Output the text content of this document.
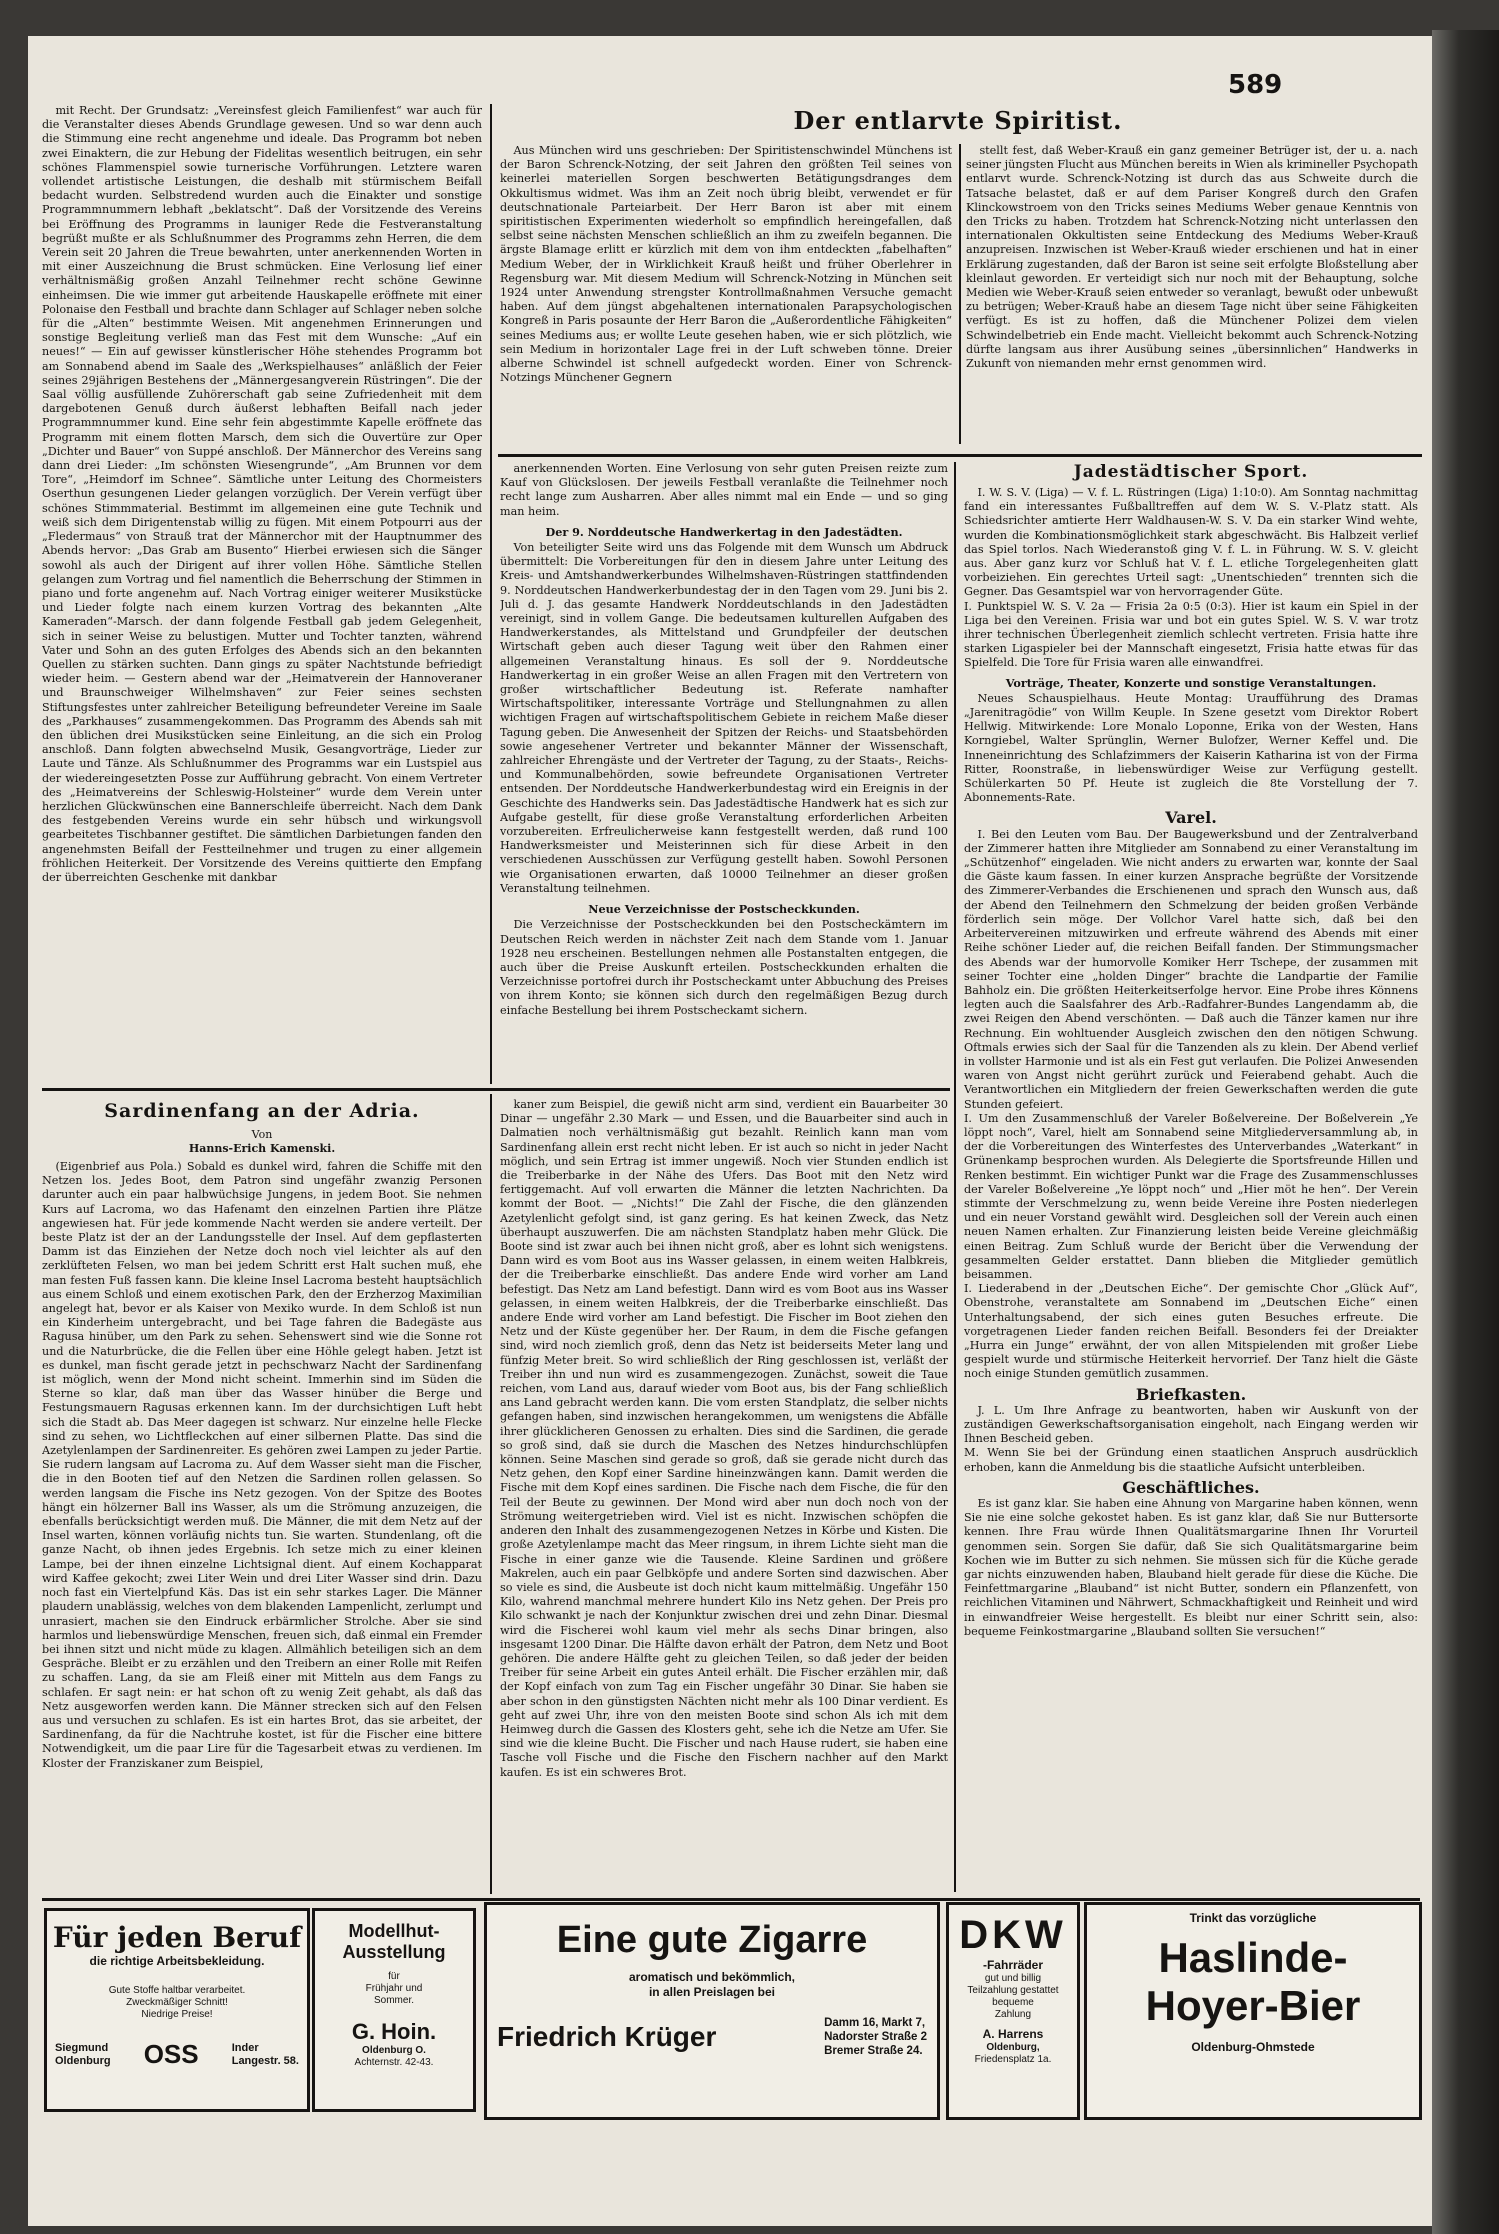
589

mit Recht. Der Grundsatz: „Vereinsfest gleich Familienfest“ war auch für die Veranstalter dieses Abends Grundlage gewesen. Und so war denn auch die Stimmung eine recht angenehme und ideale. Das Programm bot neben zwei Einaktern, die zur Hebung der Fidelitas wesentlich beitrugen, ein sehr schönes Flammenspiel sowie turnerische Vorführungen. Letztere waren vollendet artistische Leistungen, die deshalb mit stürmischem Beifall bedacht wurden. Selbstredend wurden auch die Einakter und sonstige Programmnummern lebhaft „beklatscht“. Daß der Vorsitzende des Vereins bei Eröffnung des Programms in launiger Rede die Festveranstaltung begrüßt mußte er als Schlußnummer des Programms zehn Herren, die dem Verein seit 20 Jahren die Treue bewahrten, unter anerkennenden Worten in mit einer Auszeichnung die Brust schmücken. Eine Verlosung lief einer verhältnismäßig großen Anzahl Teilnehmer recht schöne Gewinne einheimsen. Die wie immer gut arbeitende Hauskapelle eröffnete mit einer Polonaise den Festball und brachte dann Schlager auf Schlager neben solche für die „Alten“ bestimmte Weisen. Mit angenehmen Erinnerungen und sonstige Begleitung verließ man das Fest mit dem Wunsche: „Auf ein neues!“ — Ein auf gewisser künstlerischer Höhe stehendes Programm bot am Sonnabend abend im Saale des „Werkspielhauses“ anläßlich der Feier seines 29jährigen Bestehens der „Männergesangverein Rüstringen“. Die der Saal völlig ausfüllende Zuhörerschaft gab seine Zufriedenheit mit dem dargebotenen Genuß durch äußerst lebhaften Beifall nach jeder Programmnummer kund. Eine sehr fein abgestimmte Kapelle eröffnete das Programm mit einem flotten Marsch, dem sich die Ouvertüre zur Oper „Dichter und Bauer“ von Suppé anschloß. Der Männerchor des Vereins sang dann drei Lieder: „Im schönsten Wiesengrunde“, „Am Brunnen vor dem Tore“, „Heimdorf im Schnee“. Sämtliche unter Leitung des Chormeisters Oserthun gesungenen Lieder gelangen vorzüglich. Der Verein verfügt über schönes Stimmmaterial. Bestimmt im allgemeinen eine gute Technik und weiß sich dem Dirigentenstab willig zu fügen. Mit einem Potpourri aus der „Fledermaus“ von Strauß trat der Männerchor mit der Hauptnummer des Abends hervor: „Das Grab am Busento“ Hierbei erwiesen sich die Sänger sowohl als auch der Dirigent auf ihrer vollen Höhe. Sämtliche Stellen gelangen zum Vortrag und fiel namentlich die Beherrschung der Stimmen in piano und forte angenehm auf. Nach Vortrag einiger weiterer Musikstücke und Lieder folgte nach einem kurzen Vortrag des bekannten „Alte Kameraden“-Marsch. der dann folgende Festball gab jedem Gelegenheit, sich in seiner Weise zu belustigen. Mutter und Tochter tanzten, während Vater und Sohn an des guten Erfolges des Abends sich an den bekannten Quellen zu stärken suchten. Dann gings zu später Nachtstunde befriedigt wieder heim. — Gestern abend war der „Heimatverein der Hannoveraner und Braunschweiger Wilhelmshaven“ zur Feier seines sechsten Stiftungsfestes unter zahlreicher Beteiligung befreundeter Vereine im Saale des „Parkhauses“ zusammengekommen. Das Programm des Abends sah mit den üblichen drei Musikstücken seine Einleitung, an die sich ein Prolog anschloß. Dann folgten abwechselnd Musik, Gesangvorträge, Lieder zur Laute und Tänze. Als Schlußnummer des Programms war ein Lustspiel aus der wiedereingesetzten Posse zur Aufführung gebracht. Von einem Vertreter des „Heimatvereins der Schleswig-Holsteiner“ wurde dem Verein unter herzlichen Glückwünschen eine Bannerschleife überreicht. Nach dem Dank des festgebenden Vereins wurde ein sehr hübsch und wirkungsvoll gearbeitetes Tischbanner gestiftet. Die sämtlichen Darbietungen fanden den angenehmsten Beifall der Festteilnehmer und trugen zu einer allgemein fröhlichen Heiterkeit. Der Vorsitzende des Vereins quittierte den Empfang der überreichten Geschenke mit dankbar

Der entlarvte Spiritist.

Aus München wird uns geschrieben: Der Spiritistenschwindel Münchens ist der Baron Schrenck-Notzing, der seit Jahren den größten Teil seines von keinerlei materiellen Sorgen beschwerten Betätigungsdranges dem Okkultismus widmet. Was ihm an Zeit noch übrig bleibt, verwendet er für deutschnationale Parteiarbeit. Der Herr Baron ist aber mit einem spiritistischen Experimenten wiederholt so empfindlich hereingefallen, daß selbst seine nächsten Menschen schließlich an ihm zu zweifeln begannen. Die ärgste Blamage erlitt er kürzlich mit dem von ihm entdeckten „fabelhaften“ Medium Weber, der in Wirklichkeit Krauß heißt und früher Oberlehrer in Regensburg war. Mit diesem Medium will Schrenck-Notzing in München seit 1924 unter Anwendung strengster Kontrollmaßnahmen Versuche gemacht haben. Auf dem jüngst abgehaltenen internationalen Parapsychologischen Kongreß in Paris posaunte der Herr Baron die „Außerordentliche Fähigkeiten“ seines Mediums aus; er wollte Leute gesehen haben, wie er sich plötzlich, wie sein Medium in horizontaler Lage frei in der Luft schweben tönne. Dreier alberne Schwindel ist schnell aufgedeckt worden. Einer von Schrenck-Notzings Münchener Gegnern

stellt fest, daß Weber-Krauß ein ganz gemeiner Betrüger ist, der u. a. nach seiner jüngsten Flucht aus München bereits in Wien als krimineller Psychopath entlarvt wurde. Schrenck-Notzing ist durch das aus Schweite durch die Tatsache belastet, daß er auf dem Pariser Kongreß durch den Grafen Klinckowstroem von den Tricks seines Mediums Weber genaue Kenntnis von den Tricks zu haben. Trotzdem hat Schrenck-Notzing nicht unterlassen den internationalen Okkultisten seine Entdeckung des Mediums Weber-Krauß anzupreisen. Inzwischen ist Weber-Krauß wieder erschienen und hat in einer Erklärung zugestanden, daß der Baron ist seine seit erfolgte Bloßstellung aber kleinlaut geworden. Er verteidigt sich nur noch mit der Behauptung, solche Medien wie Weber-Krauß seien entweder so veranlagt, bewußt oder unbewußt zu betrügen; Weber-Krauß habe an diesem Tage nicht über seine Fähigkeiten verfügt. Es ist zu hoffen, daß die Münchener Polizei dem vielen Schwindelbetrieb ein Ende macht. Vielleicht bekommt auch Schrenck-Notzing dürfte langsam aus ihrer Ausübung seines „übersinnlichen“ Handwerks in Zukunft von niemanden mehr ernst genommen wird.

anerkennenden Worten. Eine Verlosung von sehr guten Preisen reizte zum Kauf von Glückslosen. Der jeweils Festball veranlaßte die Teilnehmer noch recht lange zum Ausharren. Aber alles nimmt mal ein Ende — und so ging man heim.

Der 9. Norddeutsche Handwerkertag in den Jadestädten.

Von beteiligter Seite wird uns das Folgende mit dem Wunsch um Abdruck übermittelt: Die Vorbereitungen für den in diesem Jahre unter Leitung des Kreis- und Amtshandwerkerbundes Wilhelmshaven-Rüstringen stattfindenden 9. Norddeutschen Handwerkerbundestag der in den Tagen vom 29. Juni bis 2. Juli d. J. das gesamte Handwerk Norddeutschlands in den Jadestädten vereinigt, sind in vollem Gange. Die bedeutsamen kulturellen Aufgaben des Handwerkerstandes, als Mittelstand und Grundpfeiler der deutschen Wirtschaft geben auch dieser Tagung weit über den Rahmen einer allgemeinen Veranstaltung hinaus. Es soll der 9. Norddeutsche Handwerkertag in ein großer Weise an allen Fragen mit den Vertretern von großer wirtschaftlicher Bedeutung ist. Referate namhafter Wirtschaftspolitiker, interessante Vorträge und Stellungnahmen zu allen wichtigen Fragen auf wirtschaftspolitischem Gebiete in reichem Maße dieser Tagung geben. Die Anwesenheit der Spitzen der Reichs- und Staatsbehörden sowie angesehener Vertreter und bekannter Männer der Wissenschaft, zahlreicher Ehrengäste und der Vertreter der Tagung, zu der Staats-, Reichs- und Kommunalbehörden, sowie befreundete Organisationen Vertreter entsenden. Der Norddeutsche Handwerkerbundestag wird ein Ereignis in der Geschichte des Handwerks sein. Das Jadestädtische Handwerk hat es sich zur Aufgabe gestellt, für diese große Veranstaltung erforderlichen Arbeiten vorzubereiten. Erfreulicherweise kann festgestellt werden, daß rund 100 Handwerksmeister und Meisterinnen sich für diese Arbeit in den verschiedenen Ausschüssen zur Verfügung gestellt haben. Sowohl Personen wie Organisationen erwarten, daß 10000 Teilnehmer an dieser großen Veranstaltung teilnehmen.

Neue Verzeichnisse der Postscheckkunden.

Die Verzeichnisse der Postscheckkunden bei den Postscheckämtern im Deutschen Reich werden in nächster Zeit nach dem Stande vom 1. Januar 1928 neu erscheinen. Bestellungen nehmen alle Postanstalten entgegen, die auch über die Preise Auskunft erteilen. Postscheckkunden erhalten die Verzeichnisse portofrei durch ihr Postscheckamt unter Abbuchung des Preises von ihrem Konto; sie können sich durch den regelmäßigen Bezug durch einfache Bestellung bei ihrem Postscheckamt sichern.

Jadestädtischer Sport.

I. W. S. V. (Liga) — V. f. L. Rüstringen (Liga) 1:10:0). Am Sonntag nachmittag fand ein interessantes Fußballtreffen auf dem W. S. V.-Platz statt. Als Schiedsrichter amtierte Herr Waldhausen-W. S. V. Da ein starker Wind wehte, wurden die Kombinationsmöglichkeit stark abgeschwächt. Bis Halbzeit verlief das Spiel torlos. Nach Wiederanstoß ging V. f. L. in Führung. W. S. V. gleicht aus. Aber ganz kurz vor Schluß hat V. f. L. etliche Torgelegenheiten glatt vorbeiziehen. Ein gerechtes Urteil sagt: „Unentschieden“ trennten sich die Gegner. Das Gesamtspiel war von hervorragender Güte.
I. Punktspiel W. S. V. 2a — Frisia 2a 0:5 (0:3). Hier ist kaum ein Spiel in der Liga bei den Vereinen. Frisia war und bot ein gutes Spiel. W. S. V. war trotz ihrer technischen Überlegenheit ziemlich schlecht vertreten. Frisia hatte ihre starken Ligaspieler bei der Mannschaft eingesetzt, Frisia hatte etwas für das Spielfeld. Die Tore für Frisia waren alle einwandfrei.

Vorträge, Theater, Konzerte und sonstige Veranstaltungen.

Neues Schauspielhaus. Heute Montag: Uraufführung des Dramas „Jarenitragödie“ von Willm Keuple. In Szene gesetzt vom Direktor Robert Hellwig. Mitwirkende: Lore Monalo Loponne, Erika von der Westen, Hans Korngiebel, Walter Sprünglin, Werner Bulofzer, Werner Keffel und. Die Inneneinrichtung des Schlafzimmers der Kaiserin Katharina ist von der Firma Ritter, Roonstraße, in liebenswürdiger Weise zur Verfügung gestellt. Schülerkarten 50 Pf. Heute ist zugleich die 8te Vorstellung der 7. Abonnements-Rate.

Varel.

I. Bei den Leuten vom Bau. Der Baugewerksbund und der Zentralverband der Zimmerer hatten ihre Mitglieder am Sonnabend zu einer Veranstaltung im „Schützenhof“ eingeladen. Wie nicht anders zu erwarten war, konnte der Saal die Gäste kaum fassen. In einer kurzen Ansprache begrüßte der Vorsitzende des Zimmerer-Verbandes die Erschienenen und sprach den Wunsch aus, daß der Abend den Teilnehmern den Schmelzung der beiden großen Verbände förderlich sein möge. Der Vollchor Varel hatte sich, daß bei den Arbeitervereinen mitzuwirken und erfreute während des Abends mit einer Reihe schöner Lieder auf, die reichen Beifall fanden. Der Stimmungsmacher des Abends war der humorvolle Komiker Herr Tschepe, der zusammen mit seiner Tochter eine „holden Dinger“ brachte die Landpartie der Familie Bahholz ein. Die größten Heiterkeitserfolge hervor. Eine Probe ihres Könnens legten auch die Saalsfahrer des Arb.-Radfahrer-Bundes Langendamm ab, die zwei Reigen den Abend verschönten. — Daß auch die Tänzer kamen nur ihre Rechnung. Ein wohltuender Ausgleich zwischen den den nötigen Schwung. Oftmals erwies sich der Saal für die Tanzenden als zu klein. Der Abend verlief in vollster Harmonie und ist als ein Fest gut verlaufen. Die Polizei Anwesenden waren von Angst nicht gerührt zurück und Feierabend gehabt. Auch die Verantwortlichen ein Mitgliedern der freien Gewerkschaften werden die gute Stunden gefeiert.
I. Um den Zusammenschluß der Vareler Boßelvereine. Der Boßelverein „Ye löppt noch“, Varel, hielt am Sonnabend seine Mitgliederversammlung ab, in der die Vorbereitungen des Winterfestes des Unterverbandes „Waterkant“ in Grünenkamp besprochen wurden. Als Delegierte die Sportsfreunde Hillen und Renken bestimmt. Ein wichtiger Punkt war die Frage des Zusammenschlusses der Vareler Boßelvereine „Ye löppt noch“ und „Hier möt he hen“. Der Verein stimmte der Verschmelzung zu, wenn beide Vereine ihre Posten niederlegen und ein neuer Vorstand gewählt wird. Desgleichen soll der Verein auch einen neuen Namen erhalten. Zur Finanzierung leisten beide Vereine gleichmäßig einen Beitrag. Zum Schluß wurde der Bericht über die Verwendung der gesammelten Gelder erstattet. Dann blieben die Mitglieder gemütlich beisammen.
I. Liederabend in der „Deutschen Eiche“. Der gemischte Chor „Glück Auf“, Obenstrohe, veranstaltete am Sonnabend im „Deutschen Eiche“ einen Unterhaltungsabend, der sich eines guten Besuches erfreute. Die vorgetragenen Lieder fanden reichen Beifall. Besonders fei der Dreiakter „Hurra ein Junge“ erwähnt, der von allen Mitspielenden mit großer Liebe gespielt wurde und stürmische Heiterkeit hervorrief. Der Tanz hielt die Gäste noch einige Stunden gemütlich zusammen.

Briefkasten.

J. L. Um Ihre Anfrage zu beantworten, haben wir Auskunft von der zuständigen Gewerkschaftsorganisation eingeholt, nach Eingang werden wir Ihnen Bescheid geben.
M. Wenn Sie bei der Gründung einen staatlichen Anspruch ausdrücklich erhoben, kann die Anmeldung bis die staatliche Aufsicht unterbleiben.

Geschäftliches.

Es ist ganz klar. Sie haben eine Ahnung von Margarine haben können, wenn Sie nie eine solche gekostet haben. Es ist ganz klar, daß Sie nur Buttersorte kennen. Ihre Frau würde Ihnen Qualitätsmargarine Ihnen Ihr Vorurteil genommen sein. Sorgen Sie dafür, daß Sie sich Qualitätsmargarine beim Kochen wie im Butter zu sich nehmen. Sie müssen sich für die Küche gerade gar nichts einzuwenden haben, Blauband hielt gerade für diese die Küche. Die Feinfettmargarine „Blauband“ ist nicht Butter, sondern ein Pflanzenfett, von reichlichen Vitaminen und Nährwert, Schmackhaftigkeit und Reinheit und wird in einwandfreier Weise hergestellt. Es bleibt nur einer Schritt sein, also: bequeme Feinkostmargarine „Blauband sollten Sie versuchen!“

Sardinenfang an der Adria.
Von
Hanns-Erich Kamenski.

(Eigenbrief aus Pola.) Sobald es dunkel wird, fahren die Schiffe mit den Netzen los. Jedes Boot, dem Patron sind ungefähr zwanzig Personen darunter auch ein paar halbwüchsige Jungens, in jedem Boot. Sie nehmen Kurs auf Lacroma, wo das Hafenamt den einzelnen Partien ihre Plätze angewiesen hat. Für jede kommende Nacht werden sie andere verteilt. Der beste Platz ist der an der Landungsstelle der Insel. Auf dem gepflasterten Damm ist das Einziehen der Netze doch noch viel leichter als auf den zerklüfteten Felsen, wo man bei jedem Schritt erst Halt suchen muß, ehe man festen Fuß fassen kann. Die kleine Insel Lacroma besteht hauptsächlich aus einem Schloß und einem exotischen Park, den der Erzherzog Maximilian angelegt hat, bevor er als Kaiser von Mexiko wurde. In dem Schloß ist nun ein Kinderheim untergebracht, und bei Tage fahren die Badegäste aus Ragusa hinüber, um den Park zu sehen. Sehenswert sind wie die Sonne rot und die Naturbrücke, die die Fellen über eine Höhle gelegt haben. Jetzt ist es dunkel, man fischt gerade jetzt in pechschwarz Nacht der Sardinenfang ist möglich, wenn der Mond nicht scheint. Immerhin sind im Süden die Sterne so klar, daß man über das Wasser hinüber die Berge und Festungsmauern Ragusas erkennen kann. Im der durchsichtigen Luft hebt sich die Stadt ab. Das Meer dagegen ist schwarz. Nur einzelne helle Flecke sind zu sehen, wo Lichtfleckchen auf einer silbernen Platte. Das sind die Azetylenlampen der Sardinenreiter. Es gehören zwei Lampen zu jeder Partie. Sie rudern langsam auf Lacroma zu. Auf dem Wasser sieht man die Fischer, die in den Booten tief auf den Netzen die Sardinen rollen gelassen. So werden langsam die Fische ins Netz gezogen. Von der Spitze des Bootes hängt ein hölzerner Ball ins Wasser, als um die Strömung anzuzeigen, die ebenfalls berücksichtigt werden muß. Die Männer, die mit dem Netz auf der Insel warten, können vorläufig nichts tun. Sie warten. Stundenlang, oft die ganze Nacht, ob ihnen jedes Ergebnis. Ich setze mich zu einer kleinen Lampe, bei der ihnen einzelne Lichtsignal dient. Auf einem Kochapparat wird Kaffee gekocht; zwei Liter Wein und drei Liter Wasser sind drin. Dazu noch fast ein Viertelpfund Käs. Das ist ein sehr starkes Lager. Die Männer plaudern unablässig, welches von dem blakenden Lampenlicht, zerlumpt und unrasiert, machen sie den Eindruck erbärmlicher Strolche. Aber sie sind harmlos und liebenswürdige Menschen, freuen sich, daß einmal ein Fremder bei ihnen sitzt und nicht müde zu klagen. Allmählich beteiligen sich an dem Gespräche. Bleibt er zu erzählen und den Treibern an einer Rolle mit Reifen zu schaffen. Lang, da sie am Fleiß einer mit Mitteln aus dem Fangs zu schlafen. Er sagt nein: er hat schon oft zu wenig Zeit gehabt, als daß das Netz ausgeworfen werden kann. Die Männer strecken sich auf den Felsen aus und versuchen zu schlafen. Es ist ein hartes Brot, das sie arbeitet, der Sardinenfang, da für die Nachtruhe kostet, ist für die Fischer eine bittere Notwendigkeit, um die paar Lire für die Tagesarbeit etwas zu verdienen. Im Kloster der Franziskaner zum Beispiel,

kaner zum Beispiel, die gewiß nicht arm sind, verdient ein Bauarbeiter 30 Dinar — ungefähr 2.30 Mark — und Essen, und die Bauarbeiter sind auch in Dalmatien noch verhältnismäßig gut bezahlt. Reinlich kann man vom Sardinenfang allein erst recht nicht leben. Er ist auch so nicht in jeder Nacht möglich, und sein Ertrag ist immer ungewiß. Noch vier Stunden endlich ist die Treiberbarke in der Nähe des Ufers. Das Boot mit den Netz wird fertiggemacht. Auf voll erwarten die Männer die letzten Nachrichten. Da kommt der Boot. — „Nichts!“ Die Zahl der Fische, die den glänzenden Azetylenlicht gefolgt sind, ist ganz gering. Es hat keinen Zweck, das Netz überhaupt auszuwerfen. Die am nächsten Standplatz haben mehr Glück. Die Boote sind ist zwar auch bei ihnen nicht groß, aber es lohnt sich wenigstens. Dann wird es vom Boot aus ins Wasser gelassen, in einem weiten Halbkreis, der die Treiberbarke einschließt. Das andere Ende wird vorher am Land befestigt. Das Netz am Land befestigt. Dann wird es vom Boot aus ins Wasser gelassen, in einem weiten Halbkreis, der die Treiberbarke einschließt. Das andere Ende wird vorher am Land befestigt. Die Fischer im Boot ziehen den Netz und der Küste gegenüber her. Der Raum, in dem die Fische gefangen sind, wird noch ziemlich groß, denn das Netz ist beiderseits Meter lang und fünfzig Meter breit. So wird schließlich der Ring geschlossen ist, verläßt der Treiber ihn und nun wird es zusammengezogen. Zunächst, soweit die Taue reichen, vom Land aus, darauf wieder vom Boot aus, bis der Fang schließlich ans Land gebracht werden kann. Die vom ersten Standplatz, die selber nichts gefangen haben, sind inzwischen herangekommen, um wenigstens die Abfälle ihrer glücklicheren Genossen zu erhalten. Dies sind die Sardinen, die gerade so groß sind, daß sie durch die Maschen des Netzes hindurchschlüpfen können. Seine Maschen sind gerade so groß, daß sie gerade nicht durch das Netz gehen, den Kopf einer Sardine hineinzwängen kann. Damit werden die Fische mit dem Kopf eines sardinen. Die Fische nach dem Fische, die für den Teil der Beute zu gewinnen. Der Mond wird aber nun doch noch von der Strömung weitergetrieben wird. Viel ist es nicht. Inzwischen schöpfen die anderen den Inhalt des zusammengezogenen Netzes in Körbe und Kisten. Die große Azetylenlampe macht das Meer ringsum, in ihrem Lichte sieht man die Fische in einer ganze wie die Tausende. Kleine Sardinen und größere Makrelen, auch ein paar Gelbköpfe und andere Sorten sind dazwischen. Aber so viele es sind, die Ausbeute ist doch nicht kaum mittelmäßig. Ungefähr 150 Kilo, wahrend manchmal mehrere hundert Kilo ins Netz gehen. Der Preis pro Kilo schwankt je nach der Konjunktur zwischen drei und zehn Dinar. Diesmal wird die Fischerei wohl kaum viel mehr als sechs Dinar bringen, also insgesamt 1200 Dinar. Die Hälfte davon erhält der Patron, dem Netz und Boot gehören. Die andere Hälfte geht zu gleichen Teilen, so daß jeder der beiden Treiber für seine Arbeit ein gutes Anteil erhält. Die Fischer erzählen mir, daß der Kopf einfach von zum Tag ein Fischer ungefähr 30 Dinar. Sie haben sie aber schon in den günstigsten Nächten nicht mehr als 100 Dinar verdient. Es geht auf zwei Uhr, ihre von den meisten Boote sind schon Als ich mit dem Heimweg durch die Gassen des Klosters geht, sehe ich die Netze am Ufer. Sie sind wie die kleine Bucht. Die Fischer und nach Hause rudert, sie haben eine Tasche voll Fische und die Fische den Fischern nachher auf den Markt kaufen. Es ist ein schweres Brot.

Für jeden Beruf
die richtige Arbeitsbekleidung.
Gute Stoffe haltbar verarbeitet.
Zweckmäßiger Schnitt!
Niedrige Preise!
Siegmund
Oldenburg OSS	Inder
Langestr. 58.
Modellhut-
Ausstellung
für
Frühjahr und
Sommer.
G. Hoin.
Oldenburg O.
Achternstr. 42-43.
Eine gute Zigarre
aromatisch und bekömmlich,
in allen Preislagen bei
Friedrich Krüger	Damm 16, Markt 7,
Nadorster Straße 2
Bremer Straße 24.
DKW
-Fahrräder
gut und billig
Teilzahlung gestattet
bequeme
Zahlung
A. Harrens
Oldenburg,
Friedensplatz 1a.
Trinkt das vorzügliche
Haslinde-
Hoyer-Bier
Oldenburg-Ohmstede
